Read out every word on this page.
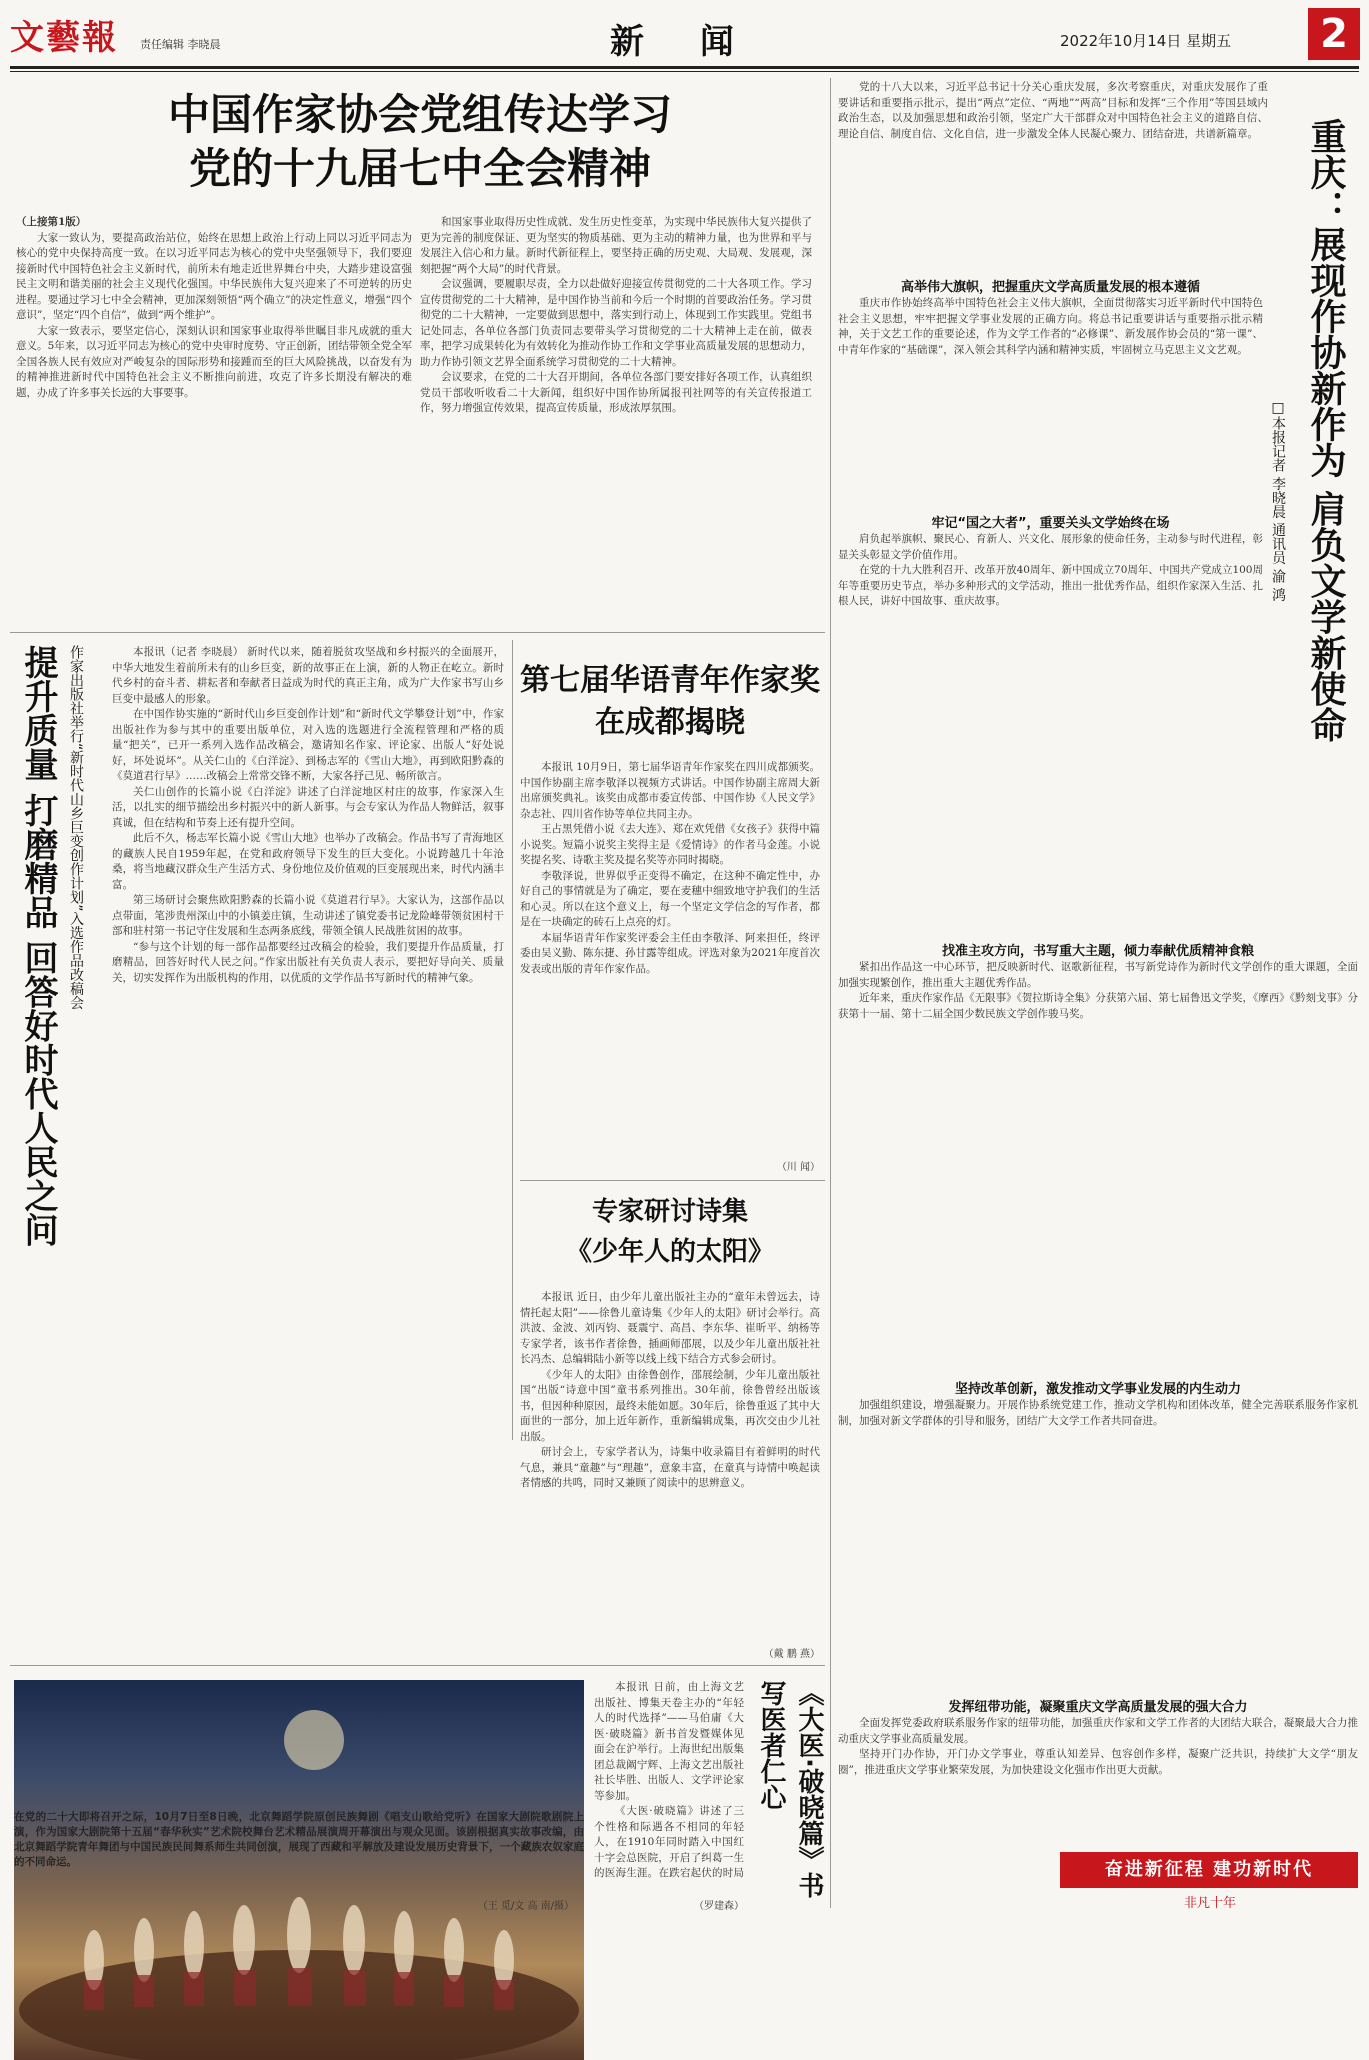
文藝報 责任编辑 李晓晨	新 闻	2022年10月14日 星期五	2
中国作家协会党组传达学习
党的十九届七中全会精神
（上接第1版）

大家一致认为，要提高政治站位，始终在思想上政治上行动上同以习近平同志为核心的党中央保持高度一致。在以习近平同志为核心的党中央坚强领导下，我们要迎接新时代中国特色社会主义新时代，前所未有地走近世界舞台中央，大踏步建设富强民主文明和谐美丽的社会主义现代化强国。中华民族伟大复兴迎来了不可逆转的历史进程。要通过学习七中全会精神，更加深刻领悟“两个确立”的决定性意义，增强“四个意识”，坚定“四个自信”，做到“两个维护”。

大家一致表示，要坚定信心，深刻认识和国家事业取得举世瞩目非凡成就的重大意义。5年来，以习近平同志为核心的党中央审时度势、守正创新，团结带领全党全军全国各族人民有效应对严峻复杂的国际形势和接踵而至的巨大风险挑战，以奋发有为的精神推进新时代中国特色社会主义不断推向前进，攻克了许多长期没有解决的难题，办成了许多事关长远的大事要事。

和国家事业取得历史性成就、发生历史性变革，为实现中华民族伟大复兴提供了更为完善的制度保证、更为坚实的物质基础、更为主动的精神力量，也为世界和平与发展注入信心和力量。新时代新征程上，要坚持正确的历史观、大局观、发展观，深刻把握“两个大局”的时代背景。

会议强调，要履职尽责，全力以赴做好迎接宣传贯彻党的二十大各项工作。学习宣传贯彻党的二十大精神，是中国作协当前和今后一个时期的首要政治任务。学习贯彻党的二十大精神，一定要做到思想中，落实到行动上，体现到工作实践里。党组书记处同志，各单位各部门负责同志要带头学习贯彻党的二十大精神上走在前，做表率，把学习成果转化为有效转化为推动作协工作和文学事业高质量发展的思想动力，助力作协引领文艺界全面系统学习贯彻党的二十大精神。

会议要求，在党的二十大召开期间，各单位各部门要安排好各项工作，认真组织党员干部收听收看二十大新闻，组织好中国作协所属报刊社网等的有关宣传报道工作，努力增强宣传效果，提高宣传质量，形成浓厚氛围。

提升质量 打磨精品 回答好时代人民之问 作家出版社举行“新时代山乡巨变创作计划”入选作品改稿会	本报讯（记者 李晓晨） 新时代以来，随着脱贫攻坚战和乡村振兴的全面展开，中华大地发生着前所未有的山乡巨变，新的故事正在上演，新的人物正在屹立。新时代乡村的奋斗者、耕耘者和奉献者日益成为时代的真正主角，成为广大作家书写山乡巨变中最感人的形象。

在中国作协实施的“新时代山乡巨变创作计划”和“新时代文学攀登计划”中，作家出版社作为参与其中的重要出版单位，对入选的选题进行全流程管理和严格的质量“把关”，已开一系列入选作品改稿会，邀请知名作家、评论家、出版人“好处说好，坏处说坏”。从关仁山的《白洋淀》、到杨志军的《雪山大地》，再到欧阳黔森的《莫道君行早》……改稿会上常常交锋不断，大家各抒己见、畅所欲言。

关仁山创作的长篇小说《白洋淀》讲述了白洋淀地区村庄的故事，作家深入生活，以扎实的细节描绘出乡村振兴中的新人新事。与会专家认为作品人物鲜活，叙事真诚，但在结构和节奏上还有提升空间。

此后不久，杨志军长篇小说《雪山大地》也举办了改稿会。作品书写了青海地区的藏族人民自1959年起，在党和政府领导下发生的巨大变化。小说跨越几十年沧桑，将当地藏汉群众生产生活方式、身份地位及价值观的巨变展现出来，时代内涵丰富。

第三场研讨会聚焦欧阳黔森的长篇小说《莫道君行早》。大家认为，这部作品以点带面，笔涉贵州深山中的小镇姜庄镇，生动讲述了镇党委书记龙险峰带领贫困村干部和驻村第一书记守住发展和生态两条底线，带领全镇人民战胜贫困的故事。

“参与这个计划的每一部作品都要经过改稿会的检验，我们要提升作品质量，打磨精品，回答好时代人民之问。”作家出版社有关负责人表示，要把好导向关、质量关，切实发挥作为出版机构的作用，以优质的文学作品书写新时代的精神气象。

第七届华语青年作家奖
在成都揭晓

本报讯 10月9日，第七届华语青年作家奖在四川成都颁奖。中国作协副主席李敬泽以视频方式讲话。中国作协副主席周大新出席颁奖典礼。该奖由成都市委宣传部、中国作协《人民文学》杂志社、四川省作协等单位共同主办。

王占黑凭借小说《去大连》、郑在欢凭借《女孩子》获得中篇小说奖。短篇小说奖主奖得主是《爱情诗》的作者马金莲。小说奖提名奖、诗歌主奖及提名奖等亦同时揭晓。

李敬泽说，世界似乎正变得不确定，在这种不确定性中，办好自己的事情就是为了确定，要在麦穗中细致地守护我们的生活和心灵。所以在这个意义上，每一个坚定文学信念的写作者，都是在一块确定的砖石上点亮的灯。

本届华语青年作家奖评委会主任由李敬泽、阿来担任，终评委由吴义勤、陈东捷、孙甘露等组成。评选对象为2021年度首次发表或出版的青年作家作品。

（川 闻）
专家研讨诗集
《少年人的太阳》

本报讯 近日，由少年儿童出版社主办的“童年未曾远去，诗情托起太阳”——徐鲁儿童诗集《少年人的太阳》研讨会举行。高洪波、金波、刘丙钧、聂震宁、高昌、李东华、崔昕平、纳杨等专家学者，该书作者徐鲁，插画师邵展，以及少年儿童出版社社长冯杰、总编辑陆小新等以线上线下结合方式参会研讨。

《少年人的太阳》由徐鲁创作，邵展绘制，少年儿童出版社国“出版“诗意中国”童书系列推出。30年前，徐鲁曾经出版该书，但因种种原因，最终未能如愿。30年后，徐鲁重返了其中大面世的一部分，加上近年新作，重新编辑成集，再次交由少儿社出版。

研讨会上，专家学者认为，诗集中收录篇目有着鲜明的时代气息，兼具“童趣”与“理趣”，意象丰富，在童真与诗情中唤起读者情感的共鸣，同时又兼顾了阅读中的思辨意义。

（戴 鹏 燕）
在党的二十大即将召开之际，10月7日至8日晚，北京舞蹈学院原创民族舞剧《唱支山歌给党听》在国家大剧院歌剧院上演，作为国家大剧院第十五届“春华秋实”艺术院校舞台艺术精品展演周开幕演出与观众见面。该剧根据真实故事改编，由北京舞蹈学院青年舞团与中国民族民间舞系师生共同创演，展现了西藏和平解放及建设发展历史背景下，一个藏族农奴家庭的不同命运。
（王 觅/文 高 南/摄）

本报讯 日前，由上海文艺出版社、博集天卷主办的“年轻人的时代选择”——马伯庸《大医·破晓篇》新书首发暨媒体见面会在沪举行。上海世纪出版集团总裁阚宁辉、上海文艺出版社社长毕胜、出版人、文学评论家等参加。

《大医·破晓篇》讲述了三个性格和际遇各不相同的年轻人，在1910年同时踏入中国红十字会总医院，开启了纠葛一生的医海生涯。在跌宕起伏的时局	《大医·破晓篇》书写医者仁心
（罗建森）

党的十八大以来，习近平总书记十分关心重庆发展，多次考察重庆，对重庆发展作了重要讲话和重要指示批示，提出“两点”定位、“两地”“两高”目标和发挥“三个作用”等国县域内政治生态，以及加强思想和政治引领，坚定广大干部群众对中国特色社会主义的道路自信、理论自信、制度自信、文化自信，进一步激发全体人民凝心聚力、团结奋进，共谱新篇章。 重庆：展现作协新作为 肩负文学新使命
□本报记者 李晓晨 通讯员 渝 鸿
高举伟大旗帜，把握重庆文学高质量发展的根本遵循

重庆市作协始终高举中国特色社会主义伟大旗帜，全面贯彻落实习近平新时代中国特色社会主义思想，牢牢把握文学事业发展的正确方向。将总书记重要讲话与重要指示批示精神，关于文艺工作的重要论述，作为文学工作者的“必修课”、新发展作协会员的“第一课”、中青年作家的“基础课”，深入领会其科学内涵和精神实质，牢固树立马克思主义文艺观。

牢记“国之大者”，重要关头文学始终在场

肩负起举旗帜、聚民心、育新人、兴文化、展形象的使命任务，主动参与时代进程，彰显关头彰显文学价值作用。

在党的十九大胜利召开、改革开放40周年、新中国成立70周年、中国共产党成立100周年等重要历史节点，举办多种形式的文学活动，推出一批优秀作品，组织作家深入生活、扎根人民，讲好中国故事、重庆故事。

找准主攻方向，书写重大主题，倾力奉献优质精神食粮

紧扣出作品这一中心环节，把反映新时代、讴歌新征程，书写新党诗作为新时代文学创作的重大课题，全面加强实现繁创作，推出重大主题优秀作品。

近年来，重庆作家作品《无限事》《贺拉斯诗全集》分获第六届、第七届鲁迅文学奖，《摩西》《黔刻戈事》分获第十一届、第十二届全国少数民族文学创作骏马奖。

坚持改革创新，激发推动文学事业发展的内生动力

加强组织建设，增强凝聚力。开展作协系统党建工作，推动文学机构和团体改革，健全完善联系服务作家机制，加强对新文学群体的引导和服务，团结广大文学工作者共同奋进。

发挥纽带功能，凝聚重庆文学高质量发展的强大合力

全面发挥党委政府联系服务作家的纽带功能，加强重庆作家和文学工作者的大团结大联合，凝聚最大合力推动重庆文学事业高质量发展。

坚持开门办作协，开门办文学事业，尊重认知差异、包容创作多样，凝聚广泛共识，持续扩大文学“朋友圈”，推进重庆文学事业繁荣发展，为加快建设文化强市作出更大贡献。

奋进新征程 建功新时代
非凡十年
